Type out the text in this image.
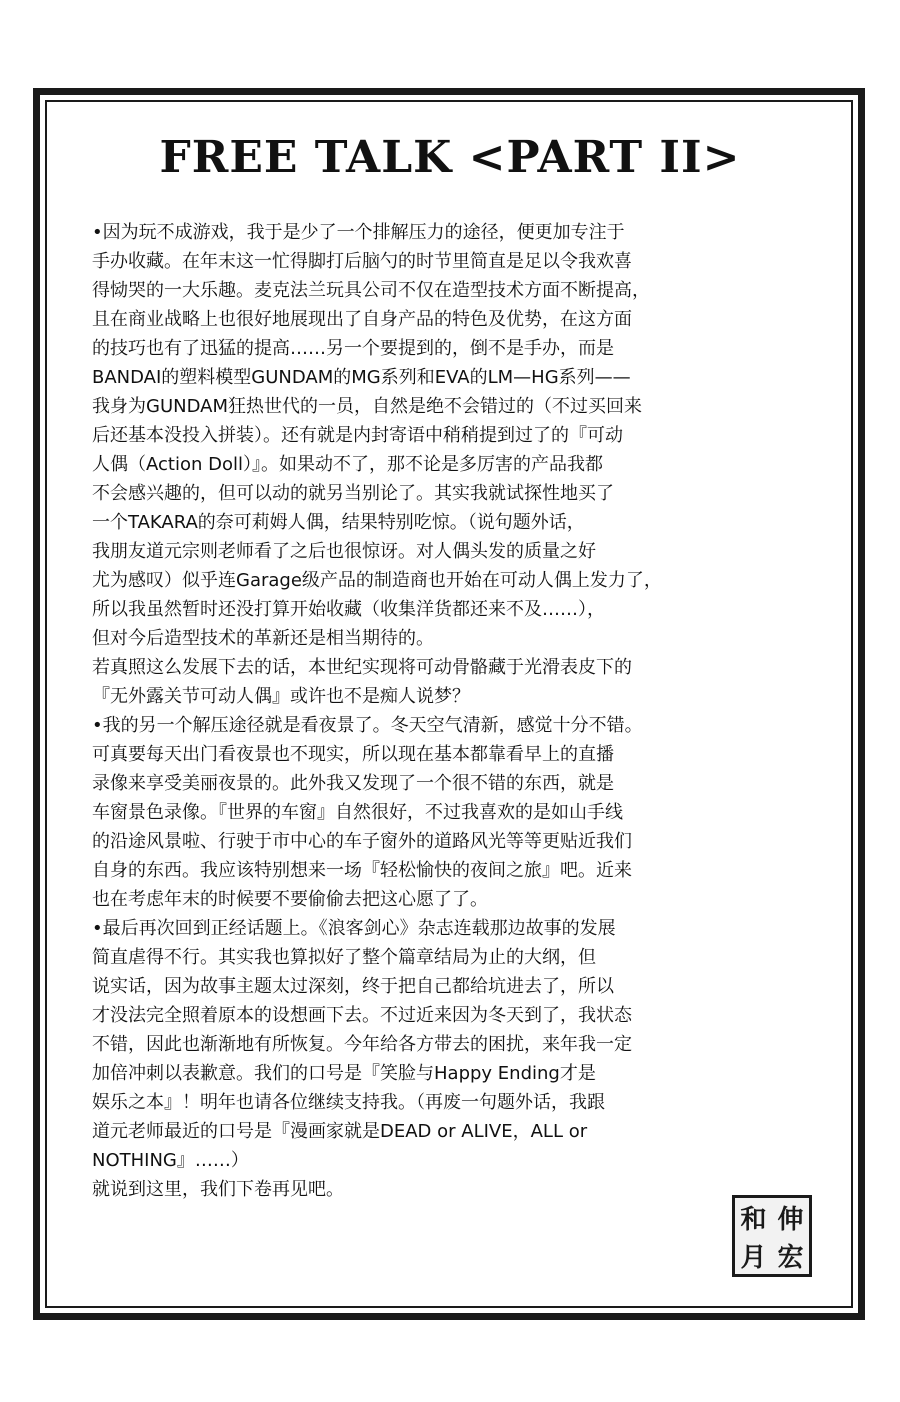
FREE TALK <PART II>
•因为玩不成游戏，我于是少了一个排解压力的途径，便更加专注于
手办收藏。在年末这一忙得脚打后脑勺的时节里简直是足以令我欢喜
得恸哭的一大乐趣。麦克法兰玩具公司不仅在造型技术方面不断提高，
且在商业战略上也很好地展现出了自身产品的特色及优势，在这方面
的技巧也有了迅猛的提高……另一个要提到的，倒不是手办，而是
BANDAI的塑料模型GUNDAM的MG系列和EVA的LM—HG系列——
我身为GUNDAM狂热世代的一员，自然是绝不会错过的（不过买回来
后还基本没投入拼装）。还有就是内封寄语中稍稍提到过了的『可动
人偶（Action Doll）』。如果动不了，那不论是多厉害的产品我都
不会感兴趣的，但可以动的就另当别论了。其实我就试探性地买了
一个TAKARA的奈可莉姆人偶，结果特别吃惊。（说句题外话，
我朋友道元宗则老师看了之后也很惊讶。对人偶头发的质量之好
尤为感叹）似乎连Garage级产品的制造商也开始在可动人偶上发力了，
所以我虽然暂时还没打算开始收藏（收集洋货都还来不及……），
但对今后造型技术的革新还是相当期待的。
若真照这么发展下去的话，本世纪实现将可动骨骼藏于光滑表皮下的
『无外露关节可动人偶』或许也不是痴人说梦？
•我的另一个解压途径就是看夜景了。冬天空气清新，感觉十分不错。
可真要每天出门看夜景也不现实，所以现在基本都靠看早上的直播
录像来享受美丽夜景的。此外我又发现了一个很不错的东西，就是
车窗景色录像。『世界的车窗』自然很好，不过我喜欢的是如山手线
的沿途风景啦、行驶于市中心的车子窗外的道路风光等等更贴近我们
自身的东西。我应该特别想来一场『轻松愉快的夜间之旅』吧。近来
也在考虑年末的时候要不要偷偷去把这心愿了了。
•最后再次回到正经话题上。《浪客剑心》杂志连载那边故事的发展
简直虐得不行。其实我也算拟好了整个篇章结局为止的大纲，但
说实话，因为故事主题太过深刻，终于把自己都给坑进去了，所以
才没法完全照着原本的设想画下去。不过近来因为冬天到了，我状态
不错，因此也渐渐地有所恢复。今年给各方带去的困扰，来年我一定
加倍冲刺以表歉意。我们的口号是『笑脸与Happy Ending才是
娱乐之本』！明年也请各位继续支持我。（再废一句题外话，我跟
道元老师最近的口号是『漫画家就是DEAD or ALIVE，ALL or
NOTHING』……）
就说到这里，我们下卷再见吧。
和 伸
月 宏
